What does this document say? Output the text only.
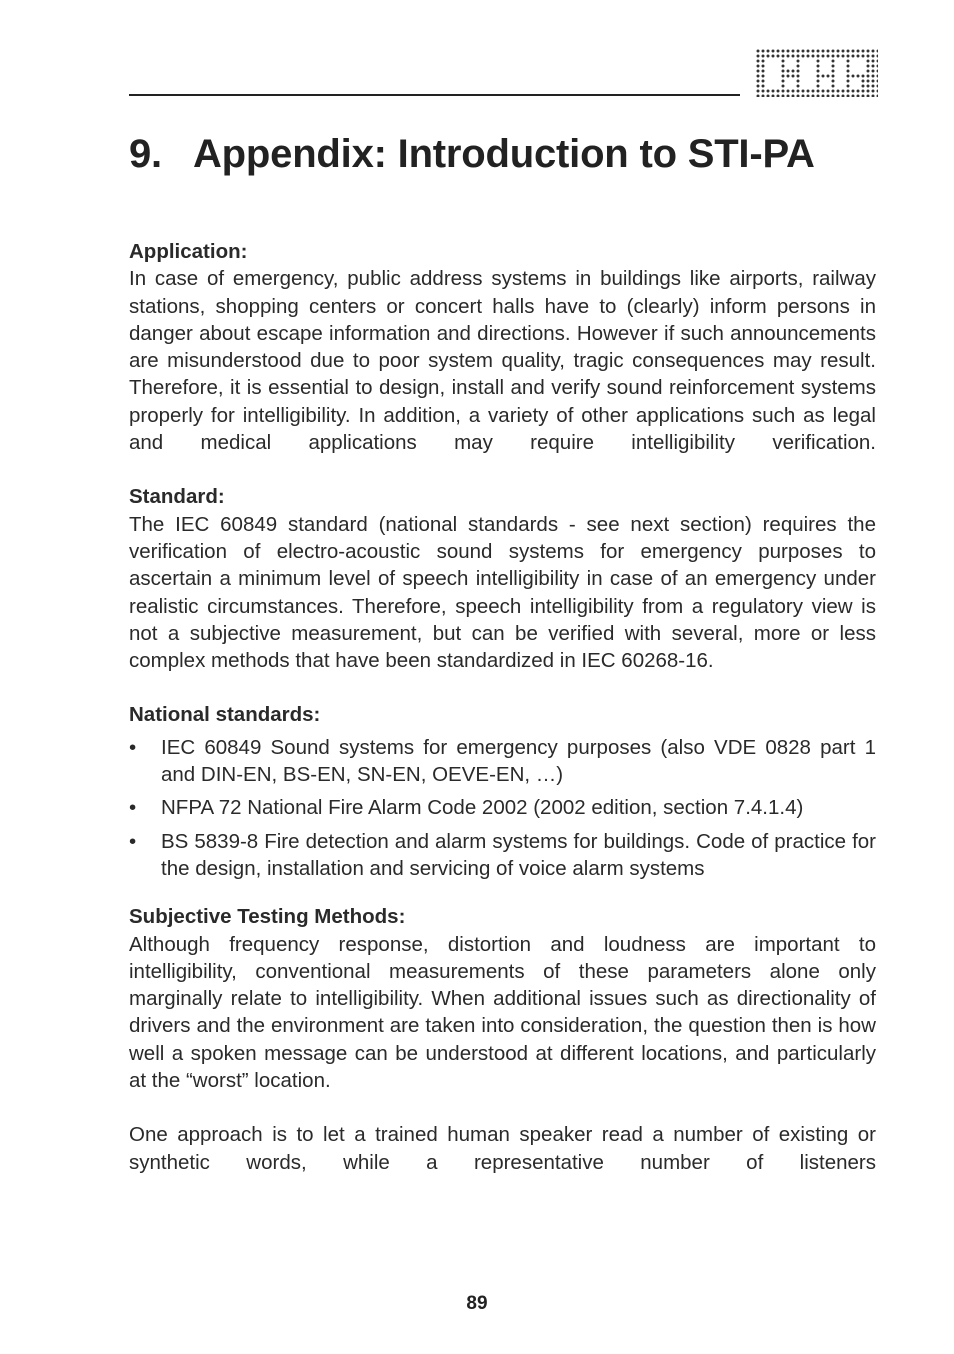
9. Appendix: Introduction to STI-PA
Application:
In case of emergency, public address systems in buildings like airports, railway stations, shopping centers or concert halls have to (clearly) inform persons in danger about escape information and directions. However if such announcements are misunderstood due to poor system quality, tragic consequences may result. Therefore, it is essential to design, install and verify sound reinforcement systems properly for intelligibility. In addition, a variety of other applications such as legal and medical applications may require intelligibility verification.
Standard:
The IEC 60849 standard (national standards - see next section) requires the verification of electro-acoustic sound systems for emergency purposes to ascertain a minimum level of speech intelligibility in case of an emergency under realistic circumstances. Therefore, speech intelligibility from a regulatory view is not a subjective measurement, but can be verified with several, more or less complex methods that have been standardized in IEC 60268-16.
National standards:
• IEC 60849 Sound systems for emergency purposes (also VDE 0828 part 1 and DIN-EN, BS-EN, SN-EN, OEVE-EN, …)
• NFPA 72 National Fire Alarm Code 2002 (2002 edition, section 7.4.1.4)
• BS 5839-8 Fire detection and alarm systems for buildings. Code of practice for the design, installation and servicing of voice alarm systems
Subjective Testing Methods:
Although frequency response, distortion and loudness are important to intelligibility, conventional measurements of these parameters alone only marginally relate to intelligibility. When additional issues such as directionality of drivers and the environment are taken into consideration, the question then is how well a spoken message can be understood at different locations, and particularly at the “worst” location.
One approach is to let a trained human speaker read a number of existing or synthetic words, while a representative number of listeners
89
